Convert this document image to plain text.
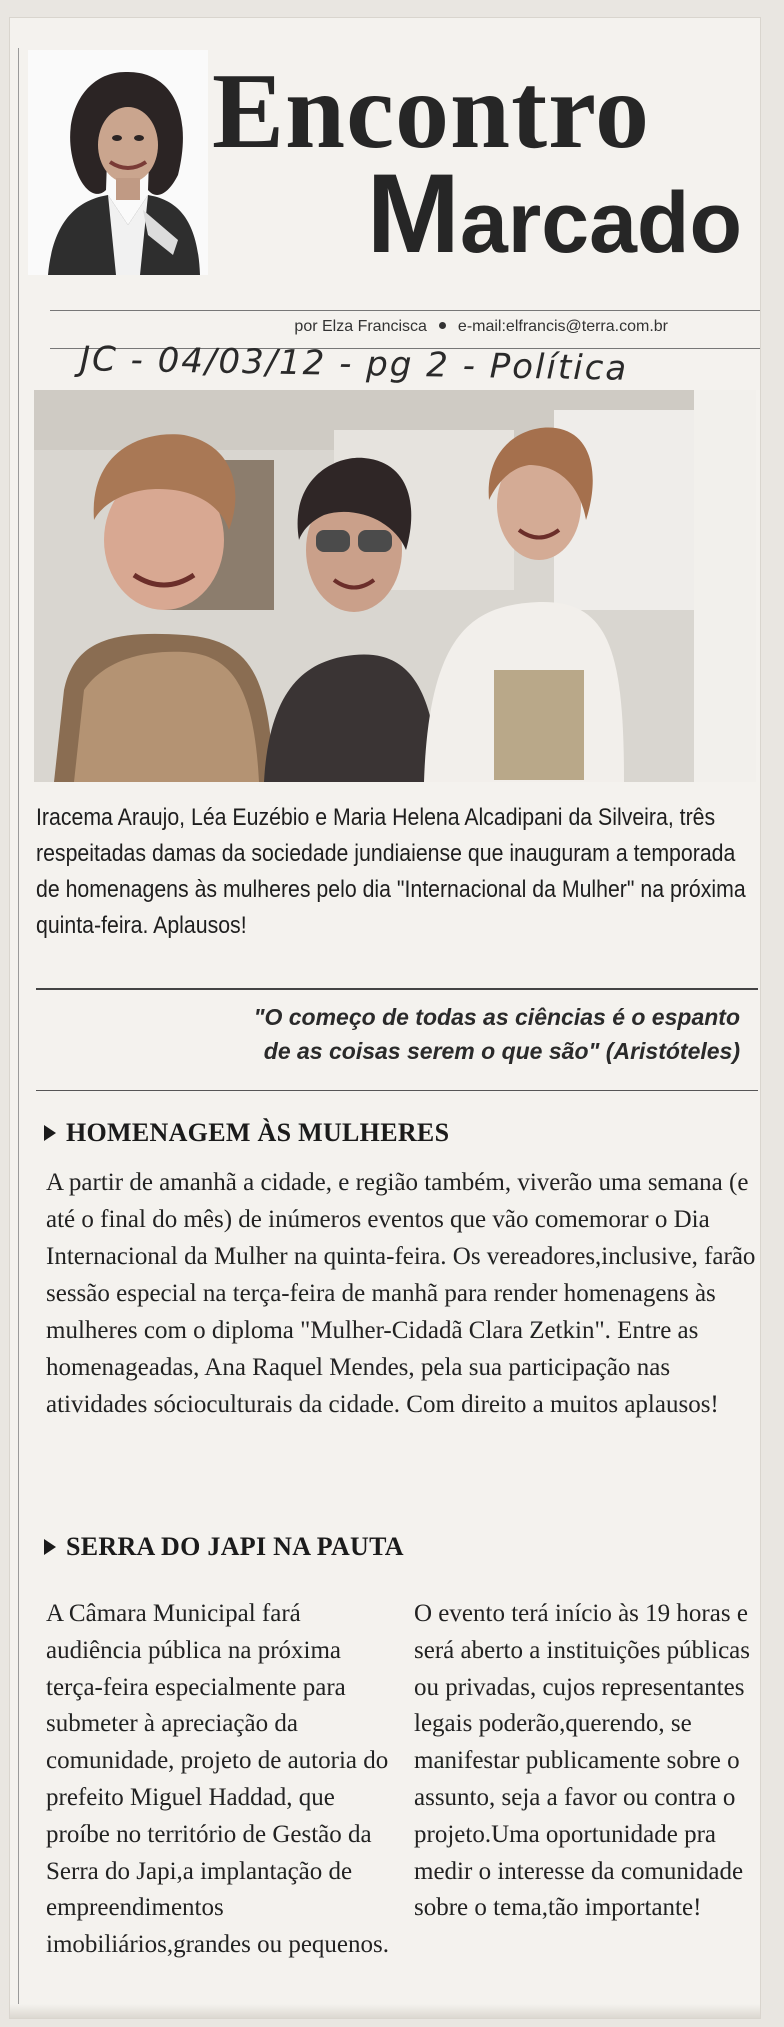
Encontro
Marcado
por Elza Francisca e-mail:elfrancis@terra.com.br
JC - 04/03/12 - pg 2 - Política
Iracema Araujo, Léa Euzébio e Maria Helena Alcadipani da Silveira, três respeitadas damas da sociedade jundiaiense que inauguram a temporada de homenagens às mulheres pelo dia "Internacional da Mulher" na próxima quinta-feira. Aplausos!
"O começo de todas as ciências é o espanto
de as coisas serem o que são" (Aristóteles)
HOMENAGEM ÀS MULHERES
A partir de amanhã a cidade, e região também, viverão uma semana (e até o final do mês) de inúmeros eventos que vão comemorar o Dia Internacional da Mulher na quinta-feira. Os vereadores,inclusive, farão sessão especial na terça-feira de manhã para render homenagens às mulheres com o diploma "Mulher-Cidadã Clara Zetkin". Entre as homenageadas, Ana Raquel Mendes, pela sua participação nas atividades sócioculturais da cidade. Com direito a muitos aplausos!
SERRA DO JAPI NA PAUTA

A Câmara Municipal fará audiência pública na próxima terça-feira especialmente para submeter à apreciação da comunidade, projeto de autoria do prefeito Miguel Haddad, que proíbe no território de Gestão da Serra do Japi,a implantação de empreendimentos imobiliários,grandes ou pequenos.

O evento terá início às 19 horas e será aberto a instituições públicas ou privadas, cujos representantes legais poderão,querendo, se manifestar publicamente sobre o assunto, seja a favor ou contra o projeto.Uma oportunidade pra medir o interesse da comunidade sobre o tema,tão importante!
